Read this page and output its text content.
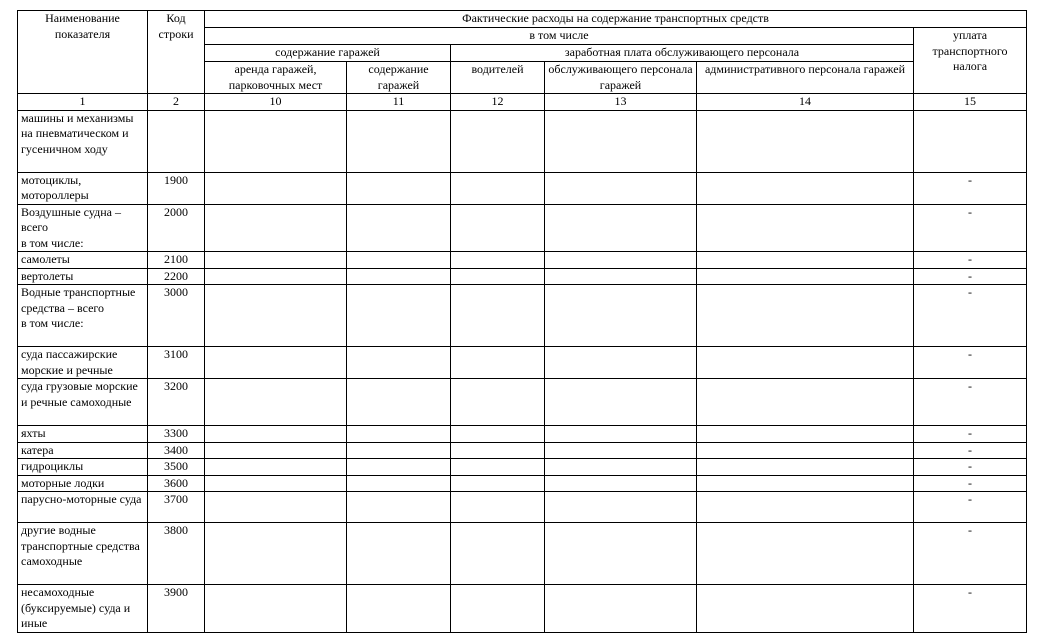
Наименование показателя	Код строки	Фактические расходы на содержание транспортных средств					
		в том числе					уплата транспортного налога
		содержание гаражей		заработная плата обслуживающего персонала			
		аренда гаражей, парковочных мест	содержание гаражей	водителей	обслуживающего персонала гаражей	административного персонала гаражей	
1	2	10	11	12	13	14	15
машины и механизмы на пневматическом и гусеничном ходу							
мотоциклы, мотороллеры	1900						-
Воздушные судна – всего
в том числе:	2000						-
самолеты	2100						-
вертолеты	2200						-
Водные транспортные средства – всего
в том числе:	3000						-
суда пассажирские морские и речные	3100						-
суда грузовые морские и речные самоходные	3200						-
яхты	3300						-
катера	3400						-
гидроциклы	3500						-
моторные лодки	3600						-
парусно-моторные суда	3700						-
другие водные транспортные средства самоходные	3800						-
несамоходные (буксируемые) суда и иные	3900						-
